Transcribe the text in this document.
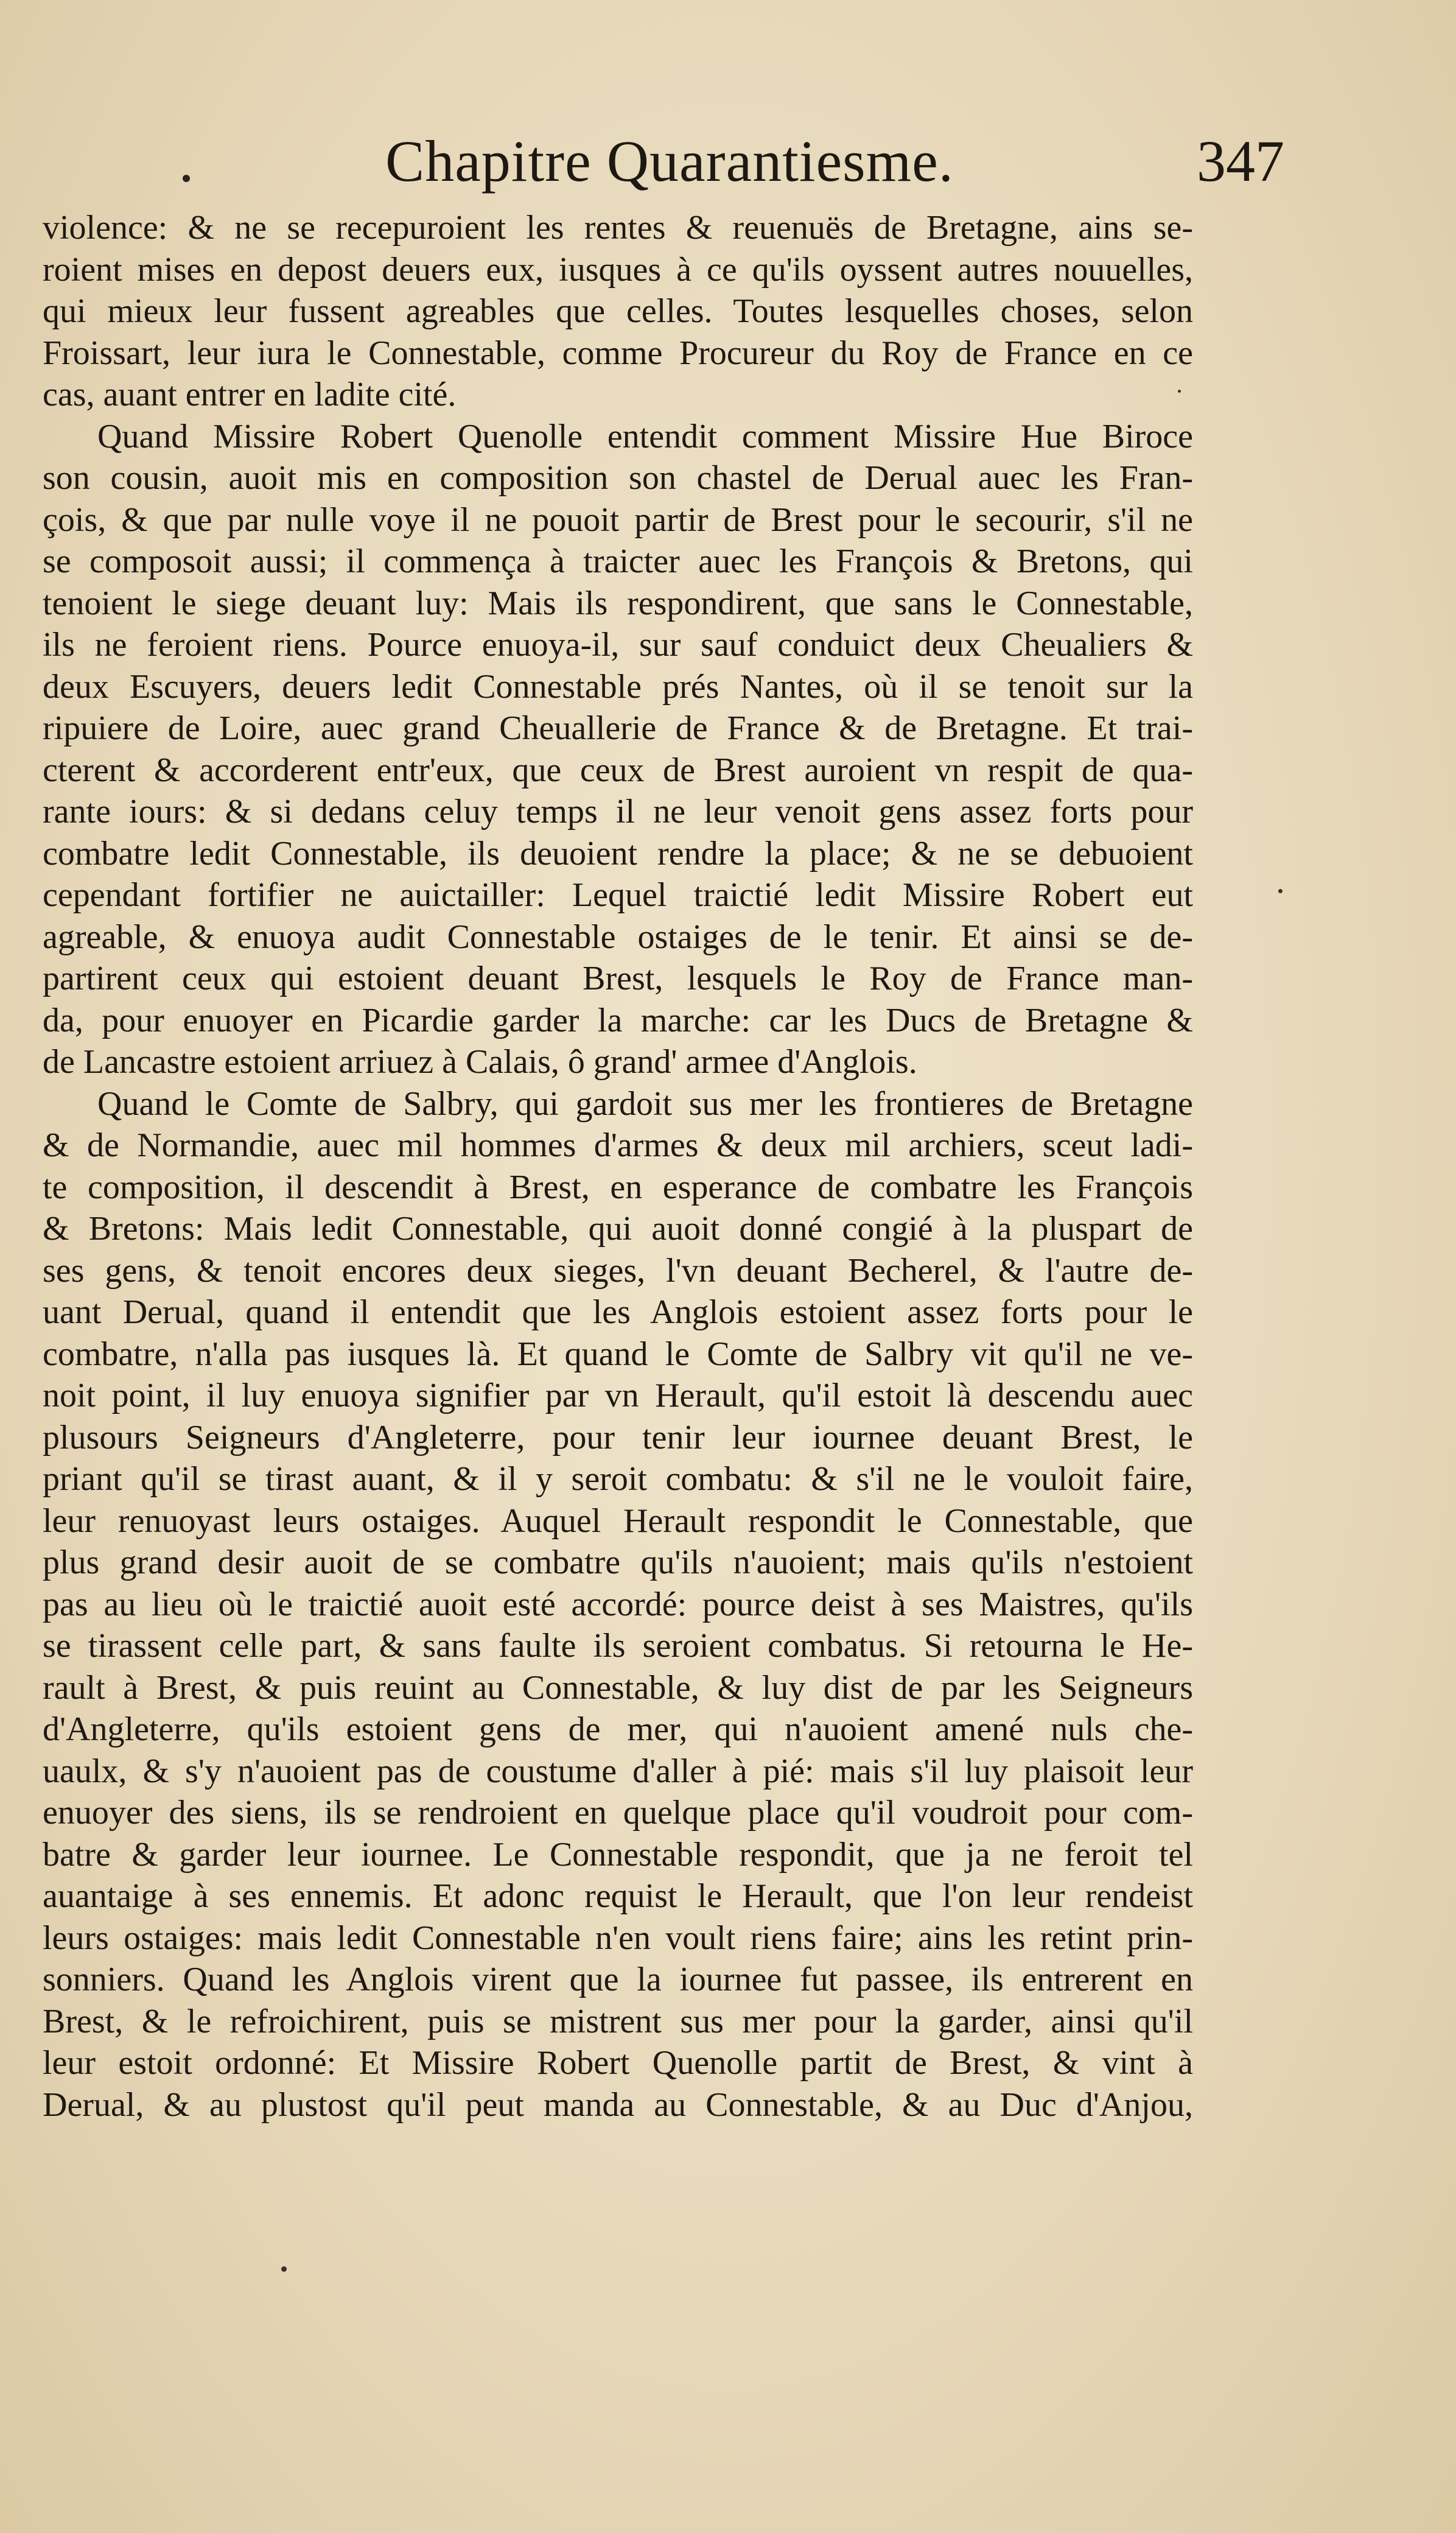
Chapitre Quarantiesme.	347
violence: & ne se recepuroient les rentes & reuenuës de Bretagne, ains se-
roient mises en depost deuers eux, iusques à ce qu'ils oyssent autres nouuelles,
qui mieux leur fussent agreables que celles. Toutes lesquelles choses, selon
Froissart, leur iura le Connestable, comme Procureur du Roy de France en ce
cas, auant entrer en ladite cité.
Quand Missire Robert Quenolle entendit comment Missire Hue Biroce
son cousin, auoit mis en composition son chastel de Derual auec les Fran-
çois, & que par nulle voye il ne pouoit partir de Brest pour le secourir, s'il ne
se composoit aussi; il commença à traicter auec les François & Bretons, qui
tenoient le siege deuant luy: Mais ils respondirent, que sans le Connestable,
ils ne feroient riens. Pource enuoya-il, sur sauf conduict deux Cheualiers &
deux Escuyers, deuers ledit Connestable prés Nantes, où il se tenoit sur la
ripuiere de Loire, auec grand Cheuallerie de France & de Bretagne. Et trai-
cterent & accorderent entr'eux, que ceux de Brest auroient vn respit de qua-
rante iours: & si dedans celuy temps il ne leur venoit gens assez forts pour
combatre ledit Connestable, ils deuoient rendre la place; & ne se debuoient
cependant fortifier ne auictailler: Lequel traictié ledit Missire Robert eut
agreable, & enuoya audit Connestable ostaiges de le tenir. Et ainsi se de-
partirent ceux qui estoient deuant Brest, lesquels le Roy de France man-
da, pour enuoyer en Picardie garder la marche: car les Ducs de Bretagne &
de Lancastre estoient arriuez à Calais, ô grand' armee d'Anglois.
Quand le Comte de Salbry, qui gardoit sus mer les frontieres de Bretagne
& de Normandie, auec mil hommes d'armes & deux mil archiers, sceut ladi-
te composition, il descendit à Brest, en esperance de combatre les François
& Bretons: Mais ledit Connestable, qui auoit donné congié à la pluspart de
ses gens, & tenoit encores deux sieges, l'vn deuant Becherel, & l'autre de-
uant Derual, quand il entendit que les Anglois estoient assez forts pour le
combatre, n'alla pas iusques là. Et quand le Comte de Salbry vit qu'il ne ve-
noit point, il luy enuoya signifier par vn Herault, qu'il estoit là descendu auec
plusours Seigneurs d'Angleterre, pour tenir leur iournee deuant Brest, le
priant qu'il se tirast auant, & il y seroit combatu: & s'il ne le vouloit faire,
leur renuoyast leurs ostaiges. Auquel Herault respondit le Connestable, que
plus grand desir auoit de se combatre qu'ils n'auoient; mais qu'ils n'estoient
pas au lieu où le traictié auoit esté accordé: pource deist à ses Maistres, qu'ils
se tirassent celle part, & sans faulte ils seroient combatus. Si retourna le He-
rault à Brest, & puis reuint au Connestable, & luy dist de par les Seigneurs
d'Angleterre, qu'ils estoient gens de mer, qui n'auoient amené nuls che-
uaulx, & s'y n'auoient pas de coustume d'aller à pié: mais s'il luy plaisoit leur
enuoyer des siens, ils se rendroient en quelque place qu'il voudroit pour com-
batre & garder leur iournee. Le Connestable respondit, que ja ne feroit tel
auantaige à ses ennemis. Et adonc requist le Herault, que l'on leur rendeist
leurs ostaiges: mais ledit Connestable n'en voult riens faire; ains les retint prin-
sonniers. Quand les Anglois virent que la iournee fut passee, ils entrerent en
Brest, & le refroichirent, puis se mistrent sus mer pour la garder, ainsi qu'il
leur estoit ordonné: Et Missire Robert Quenolle partit de Brest, & vint à
Derual, & au plustost qu'il peut manda au Connestable, & au Duc d'Anjou,
